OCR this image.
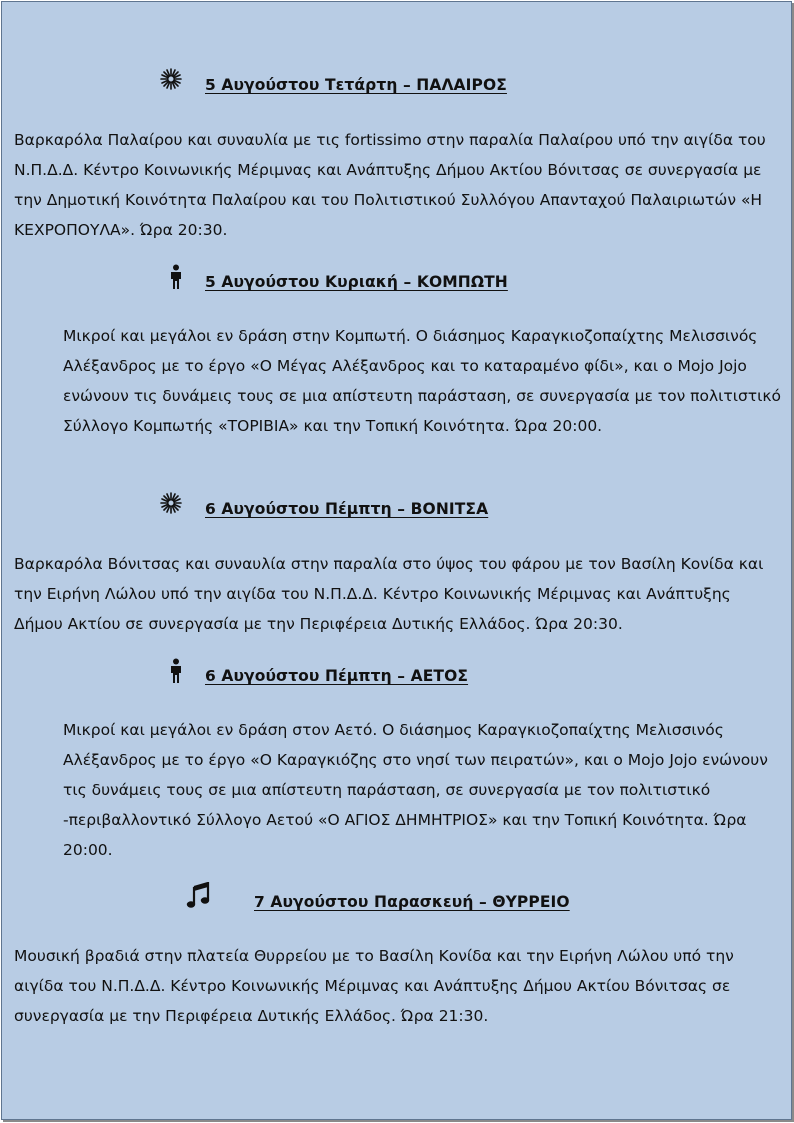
5 Αυγούστου Τετάρτη – ΠΑΛΑΙΡΟΣ

Βαρκαρόλα Παλαίρου και συναυλία με τις fortissimo στην παραλία Παλαίρου υπό την αιγίδα του Ν.Π.Δ.Δ. Κέντρο Κοινωνικής Μέριμνας και Ανάπτυξης Δήμου Ακτίου Βόνιτσας σε συνεργασία με την Δημοτική Κοινότητα Παλαίρου και του Πολιτιστικού Συλλόγου Απανταχού Παλαιριωτών «Η ΚΕΧΡΟΠΟΥΛΑ». Ώρα 20:30.

5 Αυγούστου Κυριακή – ΚΟΜΠΩΤΗ

Μικροί και μεγάλοι εν δράση στην Κομπωτή. Ο διάσημος Καραγκιοζοπαίχτης Μελισσινός Αλέξανδρος με το έργο «Ο Μέγας Αλέξανδρος και το καταραμένο φίδι», και ο Mojo Jojo ενώνουν τις δυνάμεις τους σε μια απίστευτη παράσταση, σε συνεργασία με τον πολιτιστικό Σύλλογο Κομπωτής «ΤΟΡΙΒΙΑ» και την Τοπική Κοινότητα. Ώρα 20:00.

6 Αυγούστου Πέμπτη – ΒΟΝΙΤΣΑ

Βαρκαρόλα Βόνιτσας και συναυλία στην παραλία στο ύψος του φάρου με τον Βασίλη Κονίδα και την Ειρήνη Λώλου υπό την αιγίδα του Ν.Π.Δ.Δ. Κέντρο Κοινωνικής Μέριμνας και Ανάπτυξης Δήμου Ακτίου σε συνεργασία με την Περιφέρεια Δυτικής Ελλάδος. Ώρα 20:30.

6 Αυγούστου Πέμπτη – ΑΕΤΟΣ

Μικροί και μεγάλοι εν δράση στον Αετό. Ο διάσημος Καραγκιοζοπαίχτης Μελισσινός Αλέξανδρος με το έργο «Ο Καραγκιόζης στο νησί των πειρατών», και ο Mojo Jojo ενώνουν τις δυνάμεις τους σε μια απίστευτη παράσταση, σε συνεργασία με τον πολιτιστικό -περιβαλλοντικό Σύλλογο Αετού «Ο ΑΓΙΟΣ ΔΗΜΗΤΡΙΟΣ» και την Τοπική Κοινότητα. Ώρα 20:00.

7 Αυγούστου Παρασκευή – ΘΥΡΡΕΙΟ

Μουσική βραδιά στην πλατεία Θυρρείου με το Βασίλη Κονίδα και την Ειρήνη Λώλου υπό την αιγίδα του Ν.Π.Δ.Δ. Κέντρο Κοινωνικής Μέριμνας και Ανάπτυξης Δήμου Ακτίου Βόνιτσας σε συνεργασία με την Περιφέρεια Δυτικής Ελλάδος. Ώρα 21:30.
